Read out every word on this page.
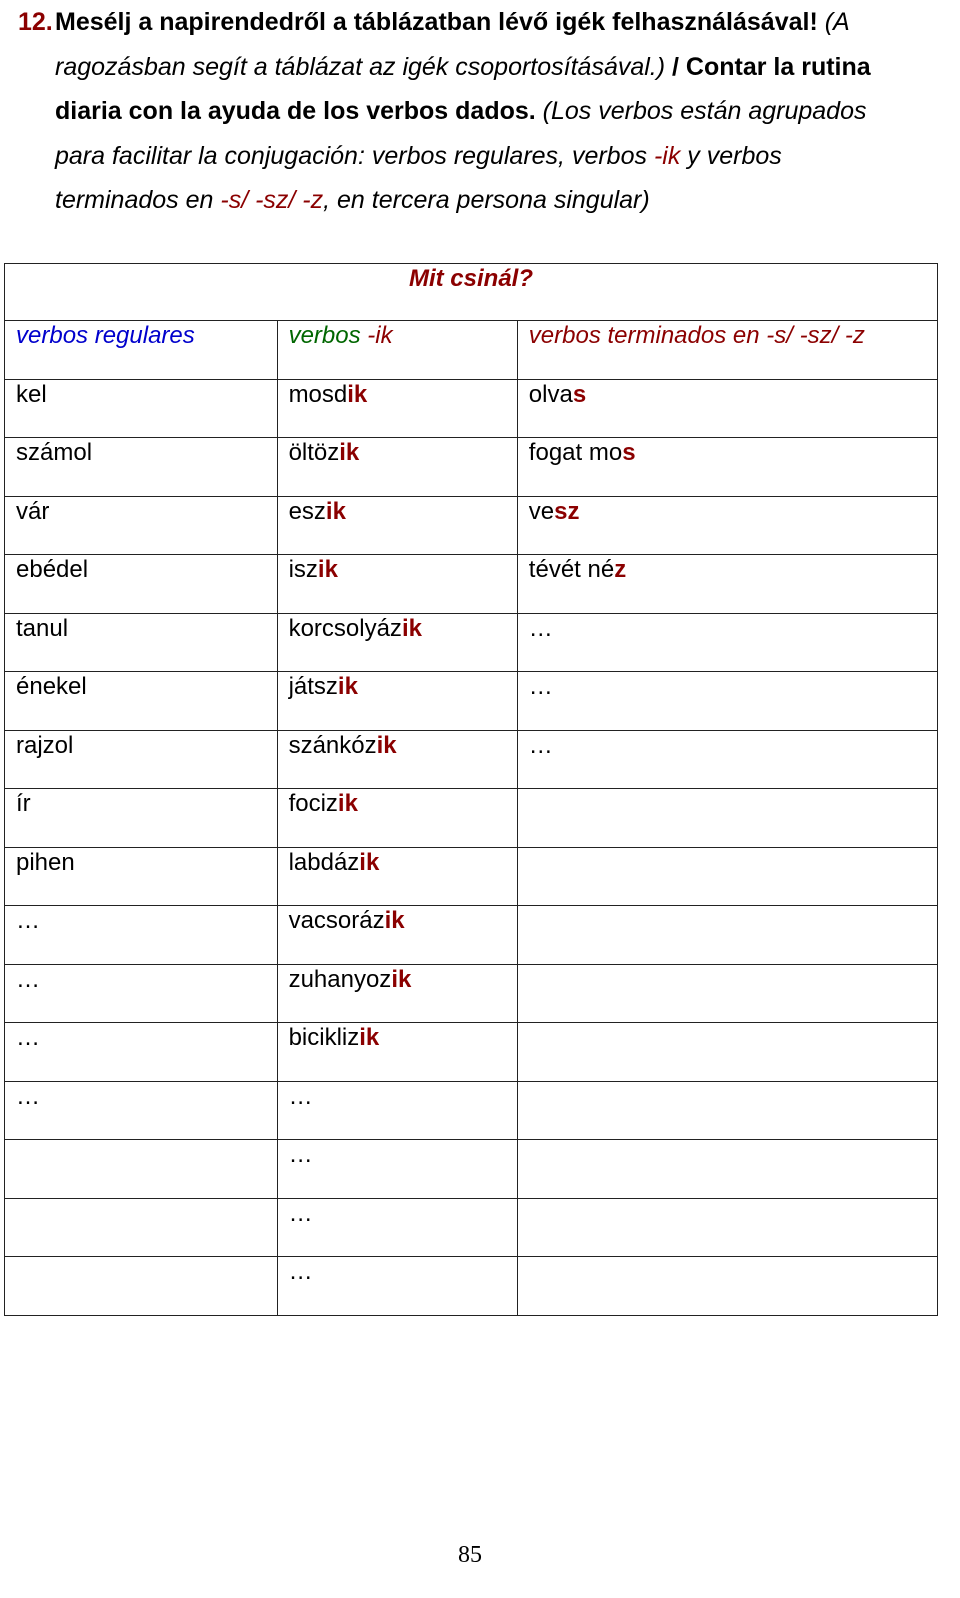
12.Mesélj a napirendedről a táblázatban lévő igék felhasználásával! (A
ragozásban segít a táblázat az igék csoportosításával.) / Contar la rutina
diaria con la ayuda de los verbos dados. (Los verbos están agrupados
para facilitar la conjugación: verbos regulares, verbos -ik y verbos
terminados en -s/ -sz/ -z, en tercera persona singular)
Mit csinál?		
verbos regulares	verbos -ik	verbos terminados en -s/ -sz/ -z
kel	mosdik	olvas
számol	öltözik	fogat mos
vár	eszik	vesz
ebédel	iszik	tévét néz
tanul	korcsolyázik	…
énekel	játszik	…
rajzol	szánkózik	…
ír	focizik	
pihen	labdázik	
…	vacsorázik	
…	zuhanyozik	
…	biciklizik	
…	…	
	…	
	…	
	…	
85
